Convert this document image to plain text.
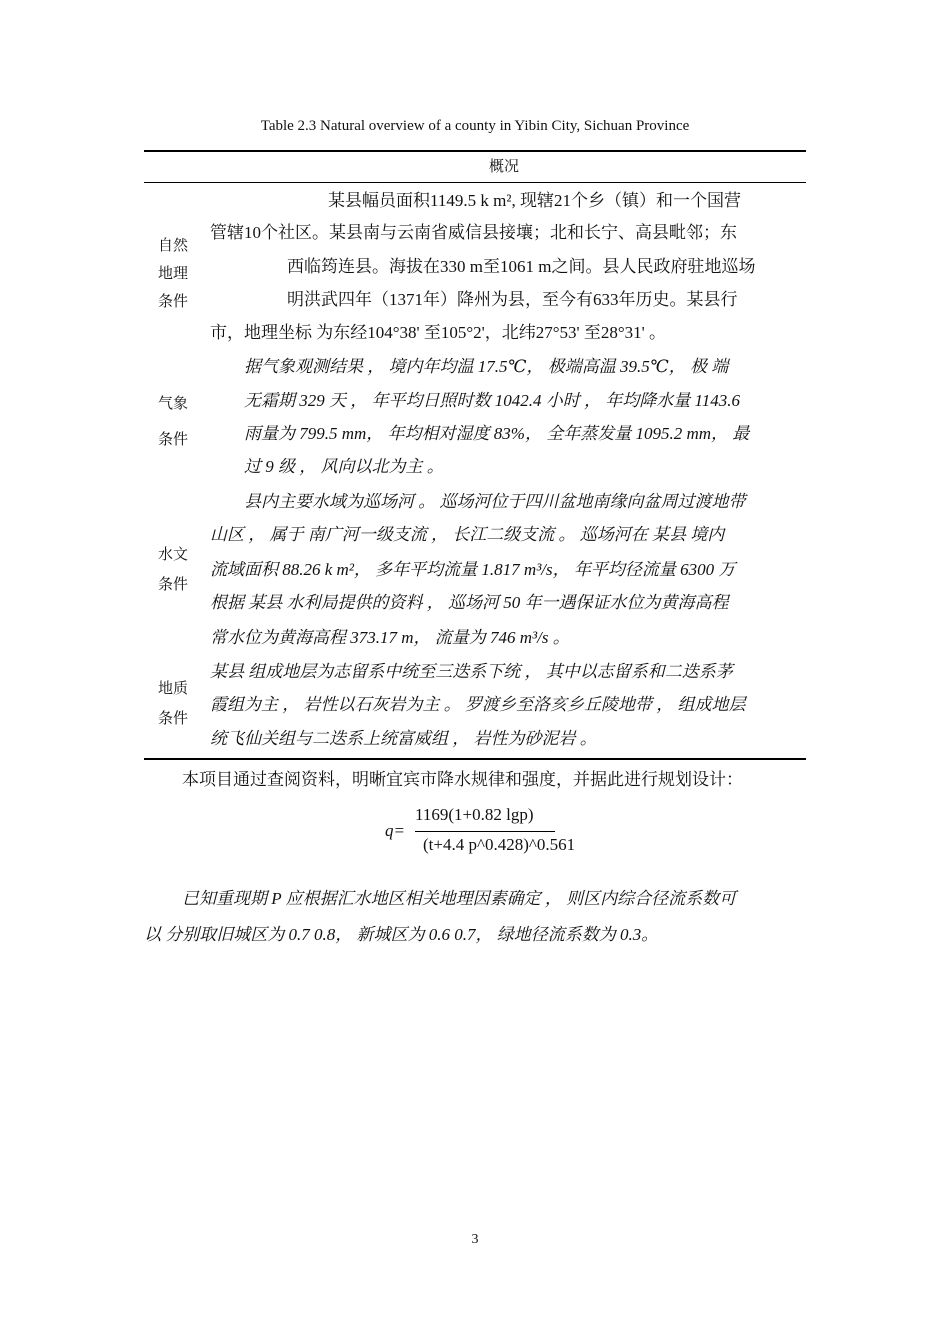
Table 2.3 Natural overview of a county in Yibin City, Sichuan Province
概况
自然
地理
条件
某县幅员面积1149.5 k m², 现辖21个乡（镇）和一个国营
管辖10个社区。某县南与云南省威信县接壤；北和长宁、高县毗邻；东
西临筠连县。海拔在330 m至1061 m之间。县人民政府驻地巡场
明洪武四年（1371年）降州为县，至今有633年历史。某县行
市，地理坐标 为东经104°38' 至105°2'，北纬27°53' 至28°31' 。
气象
条件
据气象观测结果 ， 境内年均温 17.5℃， 极端高温 39.5℃， 极 端
无霜期 329 天 ， 年平均日照时数 1042.4 小时 ， 年均降水量 1143.6
雨量为 799.5 mm， 年均相对湿度 83%， 全年蒸发量 1095.2 mm， 最
过 9 级 ， 风向以北为主 。
水文
条件
县内主要水域为巡场河 。 巡场河位于四川盆地南缘向盆周过渡地带
山区 ， 属于 南广河一级支流 ， 长江二级支流 。 巡场河在 某县 境内
流域面积 88.26 k m²， 多年平均流量 1.817 m³/s， 年平均径流量 6300 万
根据 某县 水利局提供的资料 ， 巡场河 50 年一遇保证水位为黄海高程
常水位为黄海高程 373.17 m， 流量为 746 m³/s 。
地质
条件
某县 组成地层为志留系中统至三迭系下统 ， 其中以志留系和二迭系茅
霞组为主 ， 岩性以石灰岩为主 。 罗渡乡至洛亥乡丘陵地带 ， 组成地层
统飞仙关组与二迭系上统富威组 ， 岩性为砂泥岩 。
本项目通过查阅资料，明晰宜宾市降水规律和强度，并据此进行规划设计：
已知重现期 P 应根据汇水地区相关地理因素确定 ， 则区内综合径流系数可
以 分别取旧城区为 0.7 0.8， 新城区为 0.6 0.7， 绿地径流系数为 0.3。
q=
1169(1+0.82 lgp)
(t+4.4 p^0.428)^0.561
3
